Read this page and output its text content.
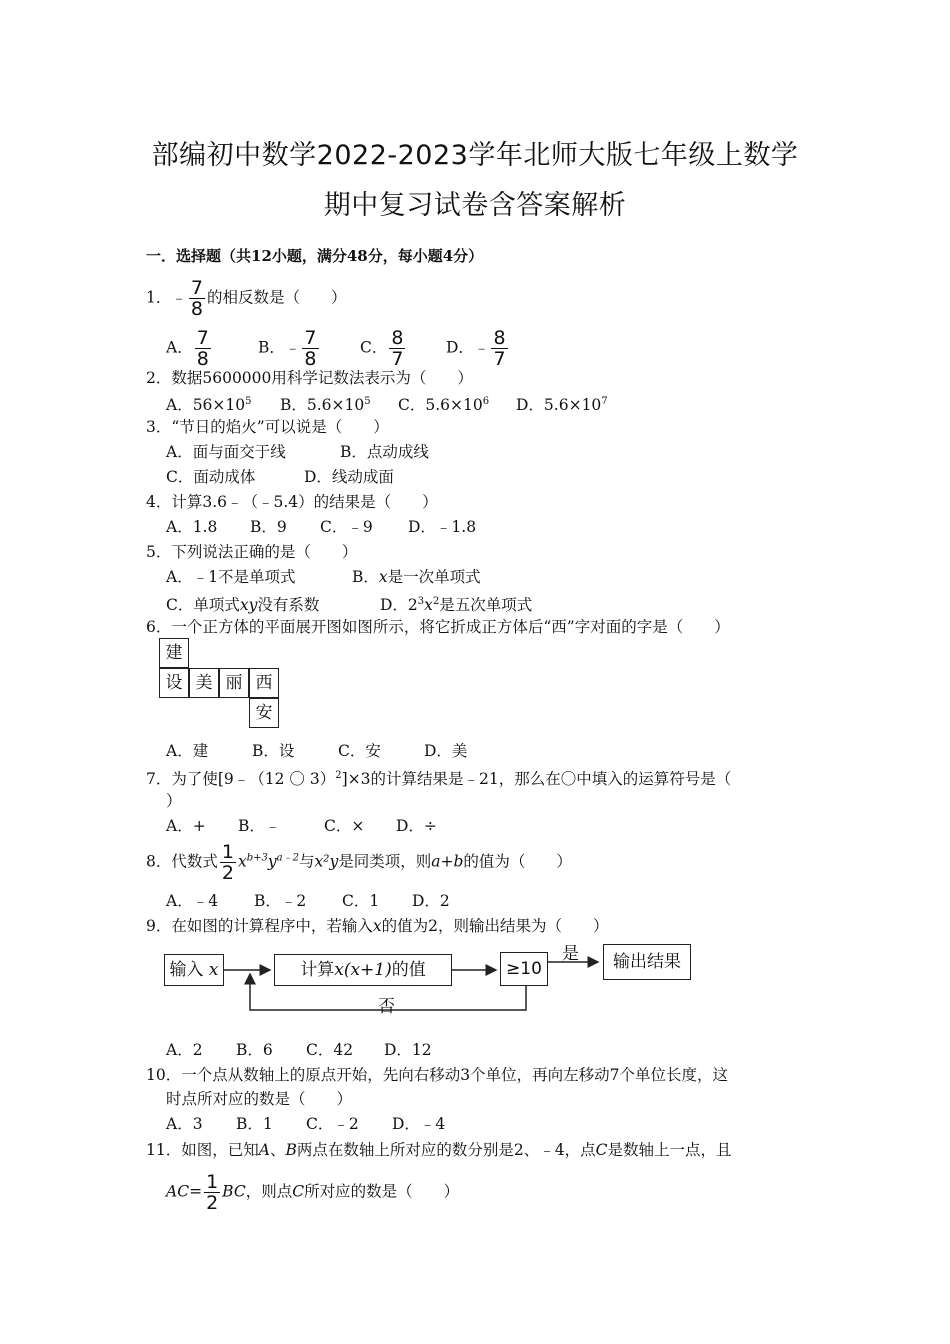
部编初中数学2022-2023学年北师大版七年级上数学
期中复习试卷含答案解析
一．选择题（共12小题，满分48分，每小题4分）
1．﹣ $\frac{7}{8}$ 的相反数是（　　）
A． $\frac{7}{8}$	B．﹣ $\frac{7}{8}$	C． $\frac{8}{7}$	D．﹣ $\frac{8}{7}$
2．数据5600000用科学记数法表示为（　　）
A．$56\times 10^5$ B．$5.6\times 10^5$ C．$5.6\times 10^6$ D．$5.6\times 10^7$
3．“节日的焰火”可以说是（　　）
A．面与面交于线	B．点动成线
C．面动成体	D．线动成面
4．计算3.6﹣（﹣5.4）的结果是（　　）
A．1.8 B．9 C．﹣9 D．﹣1.8
5．下列说法正确的是（　　）
A．﹣1不是单项式	B．x是一次单项式
C．单项式xy没有系数	D．$2^3x^2$是五次单项式
6．一个正方体的平面展开图如图所示，将它折成正方体后“西”字对面的字是（　　）
建
设 美 丽 西
安
A．建	B．设	C．安	D．美
7．为了使[9﹣（12 〇 3）$^2$]×3的计算结果是﹣21，那么在〇中填入的运算符号是（
）
A．+ B．﹣	C．× D．÷
8．代数式 $\frac{1}{2} x^{b+3}y^{a﹣2}$与x²y是同类项，则a+b的值为（　　）
A．﹣4 B．﹣2 C．1 D．2
9．在如图的计算程序中，若输入x的值为2，则输出结果为（　　）
输入 x	计算x(x+1)的值	≥10	输出结果
是
否
A．2 B．6 C．42 D．12
10．一个点从数轴上的原点开始，先向右移动3个单位，再向左移动7个单位长度，这
时点所对应的数是（　　）
A．3 B．1 C．﹣2 D．﹣4
11．如图，已知A、B两点在数轴上所对应的数分别是2、﹣4，点C是数轴上一点，且
$AC= \frac{1}{2}$ BC，则点C所对应的数是（　　）
